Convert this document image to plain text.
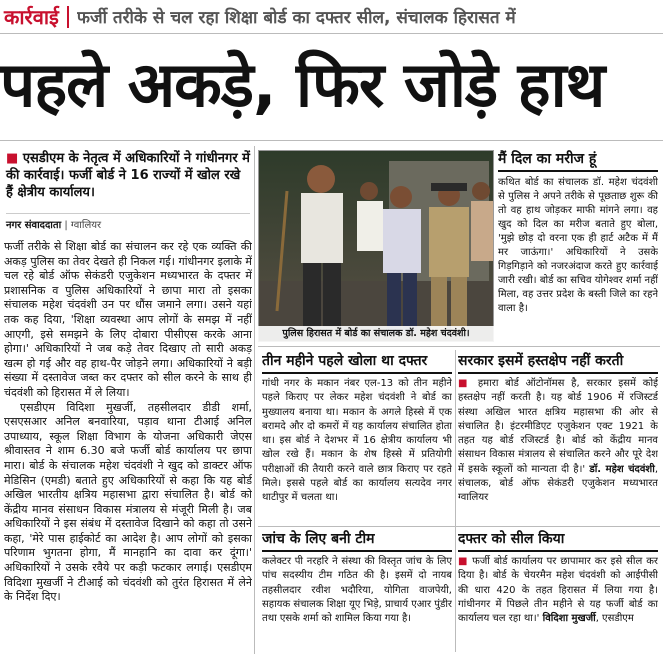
कार्रवाई फर्जी तरीके से चल रहा शिक्षा बोर्ड का दफ्तर सील, संचालक हिरासत में
पहले अकड़े, फिर जोड़े हाथ
■ एसडीएम के नेतृत्व में अधिकारियों ने गांधीनगर में की कार्रवाई। फर्जी बोर्ड ने 16 राज्यों में खोल रखे हैं क्षेत्रीय कार्यालय।
नगर संवाददाता | ग्वालियर

फर्जी तरीके से शिक्षा बोर्ड का संचालन कर रहे एक व्यक्ति की अकड़ पुलिस का तेवर देखते ही निकल गई। गांधीनगर इलाके में चल रहे बोर्ड ऑफ सेकंडरी एजुकेशन मध्यभारत के दफ्तर में प्रशासनिक व पुलिस अधिकारियों ने छापा मारा तो इसका संचालक महेश चंदवंशी उन पर धौंस जमाने लगा। उसने यहां तक कह दिया, 'शिक्षा व्यवस्था आप लोगों के समझ में नहीं आएगी, इसे समझने के लिए दोबारा पीसीएस करके आना होगा।' अधिकारियों ने जब कड़े तेवर दिखाए तो सारी अकड़ खत्म हो गई और वह हाथ-पैर जोड़ने लगा। अधिकारियों ने बड़ी संख्या में दस्तावेज जब्त कर दफ्तर को सील करने के साथ ही चंदवंशी को हिरासत में ले लिया।

एसडीएम विदिशा मुखर्जी, तहसीलदार डीडी शर्मा, एसएसआर अनिल बनवारिया, पड़ाव थाना टीआई अनिल उपाध्याय, स्कूल शिक्षा विभाग के योजना अधिकारी जेएस श्रीवास्तव ने शाम 6.30 बजे फर्जी बोर्ड कार्यालय पर छापा मारा। बोर्ड के संचालक महेश चंदवंशी ने खुद को डाक्टर ऑफ मेडिसिन (एमडी) बताते हुए अधिकारियों से कहा कि यह बोर्ड अखिल भारतीय क्षत्रिय महासभा द्वारा संचालित है। बोर्ड को केंद्रीय मानव संसाधन विकास मंत्रालय से मंजूरी मिली है। जब अधिकारियों ने इस संबंध में दस्तावेज दिखाने को कहा तो उसने कहा, 'मेरे पास हाईकोर्ट का आदेश है। आप लोगों को इसका परिणाम भुगतना होगा, मैं मानहानि का दावा कर दूंगा।' अधिकारियों ने उसके रवैये पर कड़ी फटकार लगाई। एसडीएम विदिशा मुखर्जी ने टीआई को चंदवंशी को तुरंत हिरासत में लेने के निर्देश दिए।

पुलिस हिरासत में बोर्ड का संचालक डॉ. महेश चंदवंशी।
मैं दिल का मरीज हूं
कथित बोर्ड का संचालक डॉ. महेश चंदवंशी से पुलिस ने अपने तरीके से पूछताछ शुरू की तो वह हाथ जोड़कर माफी मांगने लगा। वह खुद को दिल का मरीज बताते हुए बोला, 'मुझे छोड़ दो वरना एक ही हार्ट अटैक में मैं मर जाऊंगा।' अधिकारियों ने उसके गिड़गिड़ाने को नजरअंदाज करते हुए कार्रवाई जारी रखी। बोर्ड का सचिव योगेश्वर शर्मा नहीं मिला, वह उत्तर प्रदेश के बस्ती जिले का रहने वाला है।
तीन महीने पहले खोला था दफ्तर
गांधी नगर के मकान नंबर एल-13 को तीन महीने पहले किराए पर लेकर महेश चंदवंशी ने बोर्ड का मुख्यालय बनाया था। मकान के अगले हिस्से में एक बरामदे और दो कमरों में यह कार्यालय संचालित होता था। इस बोर्ड ने देशभर में 16 क्षेत्रीय कार्यालय भी खोल रखे हैं। मकान के शेष हिस्से में प्रतियोगी परीक्षाओं की तैयारी करने वाले छात्र किराए पर रहते मिले। इससे पहले बोर्ड का कार्यालय सत्यदेव नगर थाटीपुर में चलता था।
सरकार इसमें हस्तक्षेप नहीं करती
■ हमारा बोर्ड ऑटोनॉमस है, सरकार इसमें कोई हस्तक्षेप नहीं करती है। यह बोर्ड 1906 में रजिस्टर्ड संस्था अखिल भारत क्षत्रिय महासभा की ओर से संचालित है। इंटरमीडिएट एजुकेशन एक्ट 1921 के तहत यह बोर्ड रजिस्टर्ड है। बोर्ड को केंद्रीय मानव संसाधन विकास मंत्रालय से संचालित करने और पूरे देश में इसके स्कूलों को मान्यता दी है।' डॉ. महेश चंदवंशी, संचालक, बोर्ड ऑफ सेकंडरी एजुकेशन मध्यभारत ग्वालियर
जांच के लिए बनी टीम
कलेक्टर पी नरहरि ने संस्था की विस्तृत जांच के लिए पांच सदस्यीय टीम गठित की है। इसमें दो नायब तहसीलदार रवीश भदौरिया, योगिता वाजपेयी, सहायक संचालक शिक्षा यूए भिड़े, प्राचार्य एआर पुंडीर तथा एसके शर्मा को शामिल किया गया है।
दफ्तर को सील किया
■ फर्जी बोर्ड कार्यालय पर छापामार कर इसे सील कर दिया है। बोर्ड के चेयरमैन महेश चंदवंशी को आईपीसी की धारा 420 के तहत हिरासत में लिया गया है। गांधीनगर में पिछले तीन महीने से यह फर्जी बोर्ड का कार्यालय चल रहा था।' विदिशा मुखर्जी, एसडीएम
